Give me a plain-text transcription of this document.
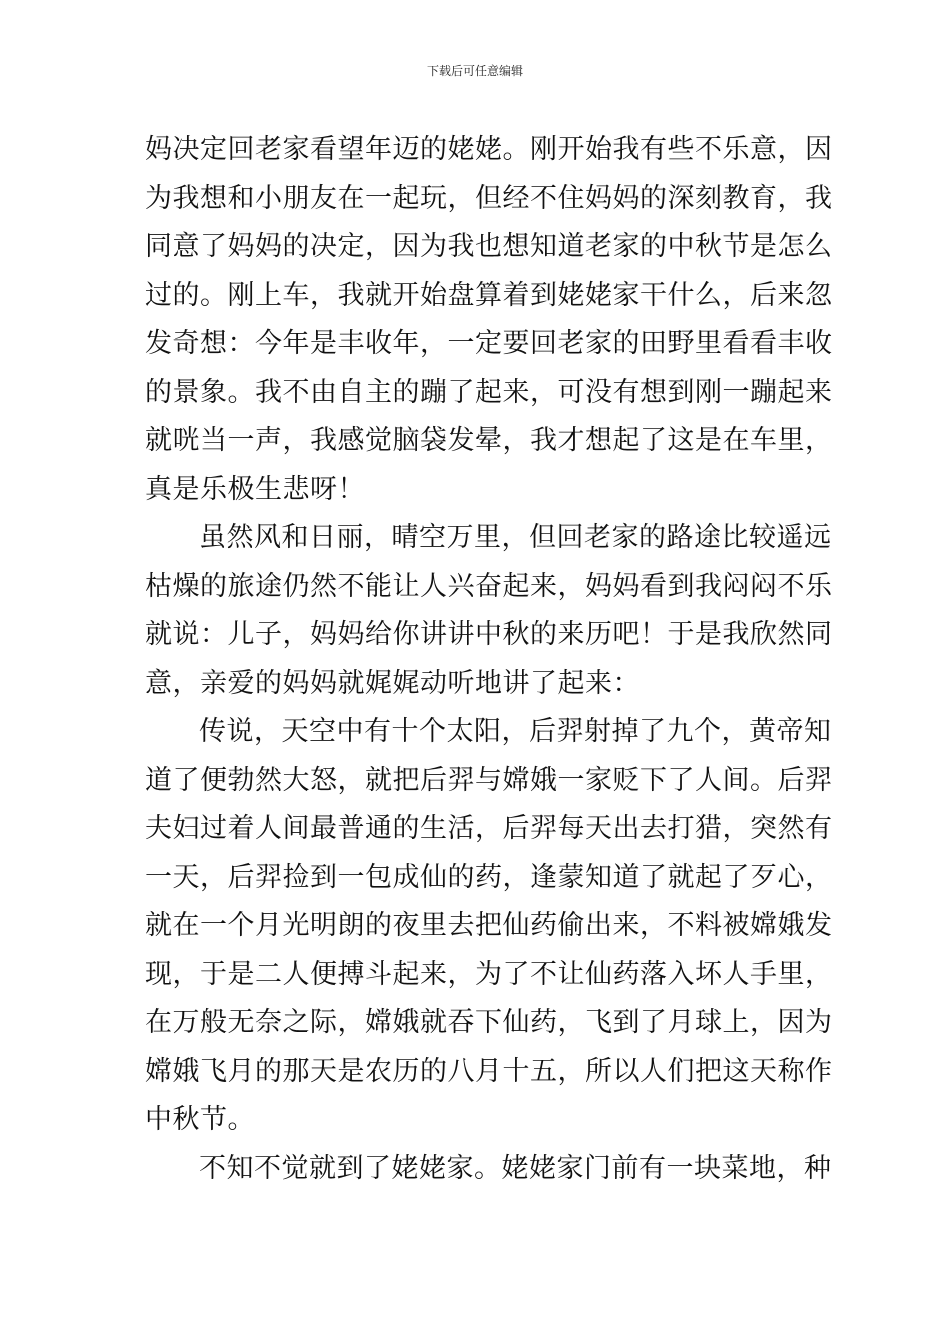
下载后可任意编辑
妈决定回老家看望年迈的姥姥。刚开始我有些不乐意，因
为我想和小朋友在一起玩，但经不住妈妈的深刻教育，我
同意了妈妈的决定，因为我也想知道老家的中秋节是怎么
过的。刚上车，我就开始盘算着到姥姥家干什么，后来忽
发奇想：今年是丰收年，一定要回老家的田野里看看丰收
的景象。我不由自主的蹦了起来，可没有想到刚一蹦起来
就咣当一声，我感觉脑袋发晕，我才想起了这是在车里，
真是乐极生悲呀！
虽然风和日丽，晴空万里，但回老家的路途比较遥远
枯燥的旅途仍然不能让人兴奋起来，妈妈看到我闷闷不乐
就说：儿子，妈妈给你讲讲中秋的来历吧！于是我欣然同
意，亲爱的妈妈就娓娓动听地讲了起来：
传说，天空中有十个太阳，后羿射掉了九个，黄帝知
道了便勃然大怒，就把后羿与嫦娥一家贬下了人间。后羿
夫妇过着人间最普通的生活，后羿每天出去打猎，突然有
一天，后羿捡到一包成仙的药，逢蒙知道了就起了歹心，
就在一个月光明朗的夜里去把仙药偷出来，不料被嫦娥发
现，于是二人便搏斗起来，为了不让仙药落入坏人手里，
在万般无奈之际，嫦娥就吞下仙药，飞到了月球上，因为
嫦娥飞月的那天是农历的八月十五，所以人们把这天称作
中秋节。
不知不觉就到了姥姥家。姥姥家门前有一块菜地，种
